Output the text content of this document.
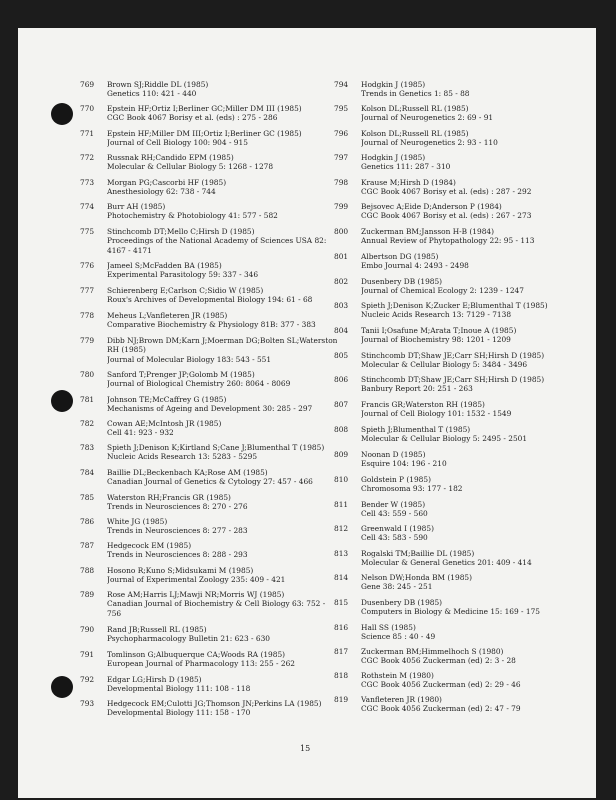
769 Brown SJ;Riddle DL (1985)
Genetics 110: 421 - 440
770 Epstein HF;Ortiz I;Berliner GC;Miller DM III (1985)
CGC Book 4067 Borisy et al. (eds) : 275 - 286
771 Epstein HF;Miller DM III;Ortiz I;Berliner GC (1985)
Journal of Cell Biology 100: 904 - 915
772 Russnak RH;Candido EPM (1985)
Molecular & Cellular Biology 5: 1268 - 1278
773 Morgan PG;Cascorbi HF (1985)
Anesthesiology 62: 738 - 744
774 Burr AH (1985)
Photochemistry & Photobiology 41: 577 - 582
775 Stinchcomb DT;Mello C;Hirsh D (1985)
Proceedings of the National Academy of Sciences USA 82:
4167 - 4171
776 Jameel S;McFadden BA (1985)
Experimental Parasitology 59: 337 - 346
777 Schierenberg E;Carlson C;Sidio W (1985)
Roux's Archives of Developmental Biology 194: 61 - 68
778 Meheus L;Vanfleteren JR (1985)
Comparative Biochemistry & Physiology 81B: 377 - 383
779 Dibb NJ;Brown DM;Karn J;Moerman DG;Bolten SL;Waterston
RH (1985)
Journal of Molecular Biology 183: 543 - 551
780 Sanford T;Prenger JP;Golomb M (1985)
Journal of Biological Chemistry 260: 8064 - 8069
781 Johnson TE;McCaffrey G (1985)
Mechanisms of Ageing and Development 30: 285 - 297
782 Cowan AE;McIntosh JR (1985)
Cell 41: 923 - 932
783 Spieth J;Denison K;Kirtland S;Cane J;Blumenthal T (1985)
Nucleic Acids Research 13: 5283 - 5295
784 Baillie DL;Beckenbach KA;Rose AM (1985)
Canadian Journal of Genetics & Cytology 27: 457 - 466
785 Waterston RH;Francis GR (1985)
Trends in Neurosciences 8: 270 - 276
786 White JG (1985)
Trends in Neurosciences 8: 277 - 283
787 Hedgecock EM (1985)
Trends in Neurosciences 8: 288 - 293
788 Hosono R;Kuno S;Midsukami M (1985)
Journal of Experimental Zoology 235: 409 - 421
789 Rose AM;Harris LJ;Mawji NR;Morris WJ (1985)
Canadian Journal of Biochemistry & Cell Biology 63: 752 -
756
790 Rand JB;Russell RL (1985)
Psychopharmacology Bulletin 21: 623 - 630
791 Tomlinson G;Albuquerque CA;Woods RA (1985)
European Journal of Pharmacology 113: 255 - 262
792 Edgar LG;Hirsh D (1985)
Developmental Biology 111: 108 - 118
793 Hedgecock EM;Culotti JG;Thomson JN;Perkins LA (1985)
Developmental Biology 111: 158 - 170
794 Hodgkin J (1985)
Trends in Genetics 1: 85 - 88
795 Kolson DL;Russell RL (1985)
Journal of Neurogenetics 2: 69 - 91
796 Kolson DL;Russell RL (1985)
Journal of Neurogenetics 2: 93 - 110
797 Hodgkin J (1985)
Genetics 111: 287 - 310
798 Krause M;Hirsh D (1984)
CGC Book 4067 Borisy et al. (eds) : 287 - 292
799 Bejsovec A;Eide D;Anderson P (1984)
CGC Book 4067 Borisy et al. (eds) : 267 - 273
800 Zuckerman BM;Jansson H-B (1984)
Annual Review of Phytopathology 22: 95 - 113
801 Albertson DG (1985)
Embo Journal 4: 2493 - 2498
802 Dusenbery DB (1985)
Journal of Chemical Ecology 2: 1239 - 1247
803 Spieth J;Denison K;Zucker E;Blumenthal T (1985)
Nucleic Acids Research 13: 7129 - 7138
804 Tanii I;Osafune M;Arata T;Inoue A (1985)
Journal of Biochemistry 98: 1201 - 1209
805 Stinchcomb DT;Shaw JE;Carr SH;Hirsh D (1985)
Molecular & Cellular Biology 5: 3484 - 3496
806 Stinchcomb DT;Shaw JE;Carr SH;Hirsh D (1985)
Banbury Report 20: 251 - 263
807 Francis GR;Waterston RH (1985)
Journal of Cell Biology 101: 1532 - 1549
808 Spieth J;Blumenthal T (1985)
Molecular & Cellular Biology 5: 2495 - 2501
809 Noonan D (1985)
Esquire 104: 196 - 210
810 Goldstein P (1985)
Chromosoma 93: 177 - 182
811 Bender W (1985)
Cell 43: 559 - 560
812 Greenwald I (1985)
Cell 43: 583 - 590
813 Rogalski TM;Baillie DL (1985)
Molecular & General Genetics 201: 409 - 414
814 Nelson DW;Honda BM (1985)
Gene 38: 245 - 251
815 Dusenbery DB (1985)
Computers in Biology & Medicine 15: 169 - 175
816 Hall SS (1985)
Science 85 : 40 - 49
817 Zuckerman BM;Himmelhoch S (1980)
CGC Book 4056 Zuckerman (ed) 2: 3 - 28
818 Rothstein M (1980)
CGC Book 4056 Zuckerman (ed) 2: 29 - 46
819 Vanfleteren JR (1980)
CGC Book 4056 Zuckerman (ed) 2: 47 - 79
15
